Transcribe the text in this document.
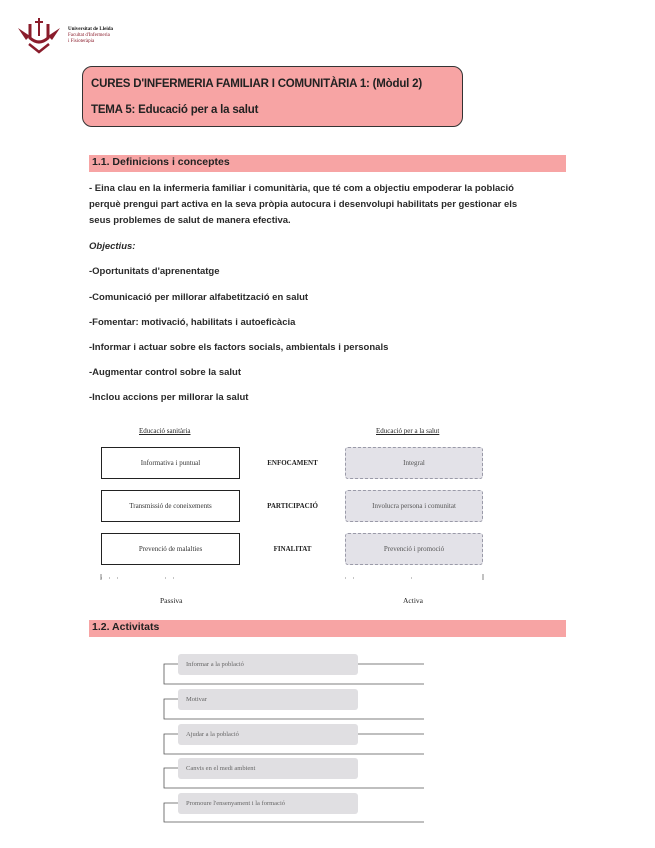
Universitat de Lleida
Facultat d'Infermeria
i Fisioteràpia
CURES D'INFERMERIA FAMILIAR I COMUNITÀRIA 1: (Mòdul 2)
TEMA 5: Educació per a la salut
1.1. Definicions i conceptes
- Eina clau en la infermeria familiar i comunitària, que té com a objectiu empoderar la població
perquè prengui part activa en la seva pròpia autocura i desenvolupi habilitats per gestionar els
seus problemes de salut de manera efectiva.
Objectius:
-Oportunitats d'aprenentatge
-Comunicació per millorar alfabetització en salut
-Fomentar: motivació, habilitats i autoeficàcia
-Informar i actuar sobre els factors socials, ambientals i personals
-Augmentar control sobre la salut
-Inclou accions per millorar la salut
Educació sanitària	Educació per a la salut
Informativa i puntual	ENFOCAMENT	Integral
Transmissió de coneixements	PARTICIPACIÓ	Involucra persona i comunitat
Prevenció de malalties	FINALITAT	Prevenció i promoció
Passiva	Activa
1.2. Activitats
Informar a la població
Motivar
Ajudar a la població
Canvis en el medi ambient
Promoure l'ensenyament i la formació
